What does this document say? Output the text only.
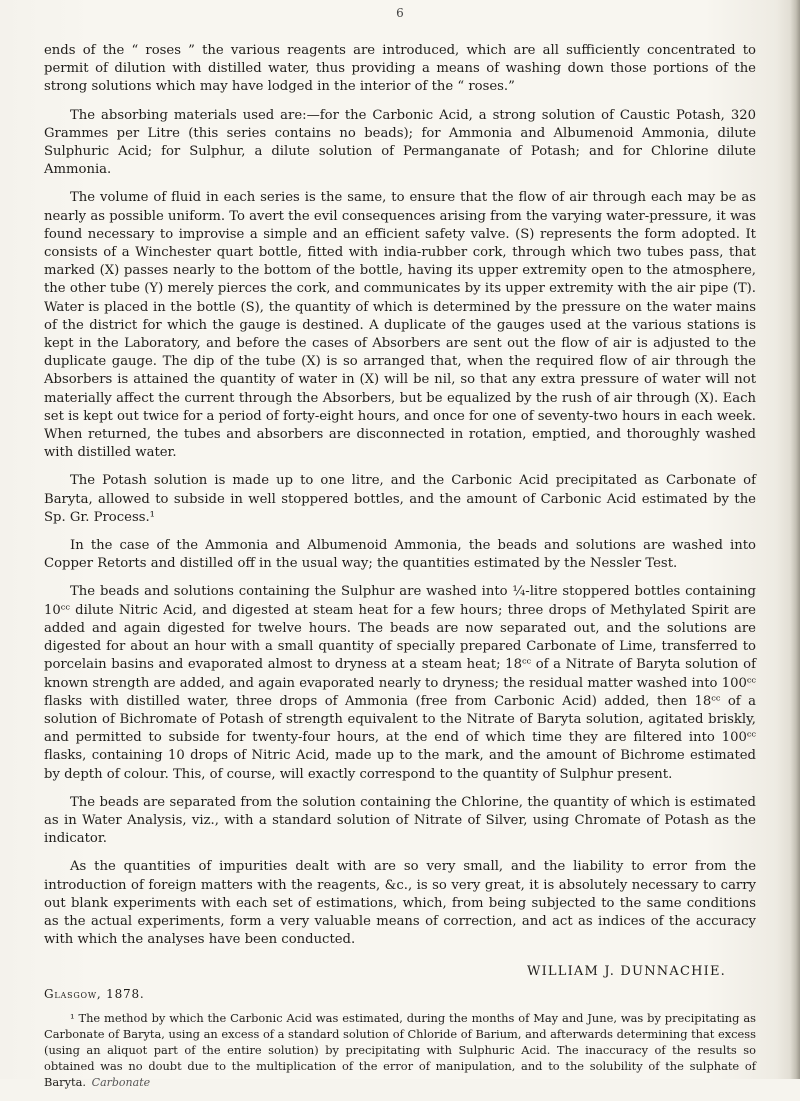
6

ends of the “ roses ” the various reagents are introduced, which are all sufficiently concentrated to permit of dilution with distilled water, thus providing a means of washing down those portions of the strong solutions which may have lodged in the interior of the “ roses.”

The absorbing materials used are:—for the Carbonic Acid, a strong solution of Caustic Potash, 320 Grammes per Litre (this series contains no beads); for Ammonia and Albumenoid Ammonia, dilute Sulphuric Acid; for Sulphur, a dilute solution of Permanganate of Potash; and for Chlorine dilute Ammonia.

The volume of fluid in each series is the same, to ensure that the flow of air through each may be as nearly as possible uniform. To avert the evil consequences arising from the varying water-pressure, it was found necessary to improvise a simple and an efficient safety valve. (S) represents the form adopted. It consists of a Winchester quart bottle, fitted with india-rubber cork, through which two tubes pass, that marked (X) passes nearly to the bottom of the bottle, having its upper extremity open to the atmosphere, the other tube (Y) merely pierces the cork, and communicates by its upper extremity with the air pipe (T). Water is placed in the bottle (S), the quantity of which is determined by the pressure on the water mains of the district for which the gauge is destined. A duplicate of the gauges used at the various stations is kept in the Laboratory, and before the cases of Absorbers are sent out the flow of air is adjusted to the duplicate gauge. The dip of the tube (X) is so arranged that, when the required flow of air through the Absorbers is attained the quantity of water in (X) will be nil, so that any extra pressure of water will not materially affect the current through the Absorbers, but be equalized by the rush of air through (X). Each set is kept out twice for a period of forty-eight hours, and once for one of seventy-two hours in each week. When returned, the tubes and absorbers are disconnected in rotation, emptied, and thoroughly washed with distilled water.

The Potash solution is made up to one litre, and the Carbonic Acid precipitated as Carbonate of Baryta, allowed to subside in well stoppered bottles, and the amount of Carbonic Acid estimated by the Sp. Gr. Process.¹

In the case of the Ammonia and Albumenoid Ammonia, the beads and solutions are washed into Copper Retorts and distilled off in the usual way; the quantities estimated by the Nessler Test.

The beads and solutions containing the Sulphur are washed into ¼-litre stoppered bottles containing 10ᶜᶜ dilute Nitric Acid, and digested at steam heat for a few hours; three drops of Methylated Spirit are added and again digested for twelve hours. The beads are now separated out, and the solutions are digested for about an hour with a small quantity of specially prepared Carbonate of Lime, transferred to porcelain basins and evaporated almost to dryness at a steam heat; 18ᶜᶜ of a Nitrate of Baryta solution of known strength are added, and again evaporated nearly to dryness; the residual matter washed into 100ᶜᶜ flasks with distilled water, three drops of Ammonia (free from Carbonic Acid) added, then 18ᶜᶜ of a solution of Bichromate of Potash of strength equivalent to the Nitrate of Baryta solution, agitated briskly, and permitted to subside for twenty-four hours, at the end of which time they are filtered into 100ᶜᶜ flasks, containing 10 drops of Nitric Acid, made up to the mark, and the amount of Bichrome estimated by depth of colour. This, of course, will exactly correspond to the quantity of Sulphur present.

The beads are separated from the solution containing the Chlorine, the quantity of which is estimated as in Water Analysis, viz., with a standard solution of Nitrate of Silver, using Chromate of Potash as the indicator.

As the quantities of impurities dealt with are so very small, and the liability to error from the introduction of foreign matters with the reagents, &c., is so very great, it is absolutely necessary to carry out blank experiments with each set of estimations, which, from being subjected to the same conditions as the actual experiments, form a very valuable means of correction, and act as indices of the accuracy with which the analyses have been conducted.

WILLIAM J. DUNNACHIE.
Glasgow, 1878.

¹ The method by which the Carbonic Acid was estimated, during the months of May and June, was by precipitating as Carbonate of Baryta, using an excess of a standard solution of Chloride of Barium, and afterwards determining that excess (using an aliquot part of the entire solution) by precipitating with Sulphuric Acid. The inaccuracy of the results so obtained was no doubt due to the multiplication of the error of manipulation, and to the solubility of the sulphate of Baryta. Carbonate
